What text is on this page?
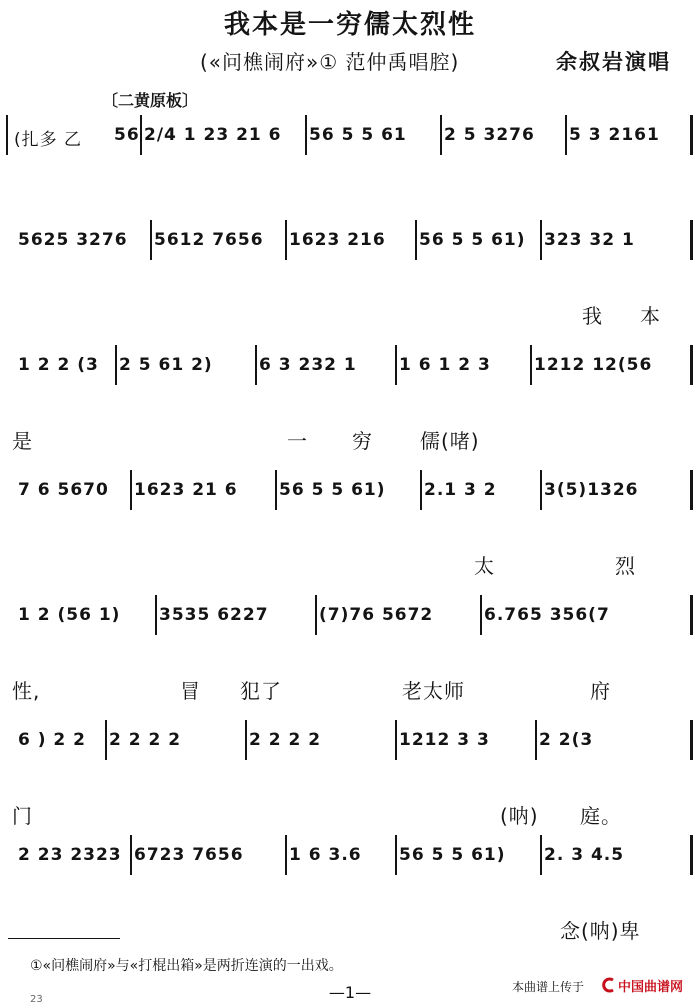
我本是一穷儒太烈性
(«问樵闹府»① 范仲禹唱腔)	余叔岩演唱
〔二黄原板〕
(扎多 乙 56 2/4 1 23 21 6	56 5 5 61	2 5 3276	5 3 2161
5625 3276	5612 7656	1623 216	56 5 5 61)	323 32 1
我 本
1 2 2 (3	2 5 61 2)	6 3 232 1	1 6 1 2 3	1212 12(56
是	一 穷 儒(啫)
7 6 5670	1623 21 6	56 5 5 61)	2.1 3 2	3(5)1326
太	烈
1 2 (56 1)	3535 6227	(7)76 5672	6.765 356(7
性,	冒 犯了	老太师	府
6 ) 2 2	2 2 2 2	2 2 2 2	1212 3 3	2 2(3
门	(呐) 庭。
2 23 2323 6723 7656	1 6 3.6	56 5 5 61)	2. 3 4.5
念(呐)卑
①«问樵闹府»与«打棍出箱»是两折连演的一出戏。
—1—	本曲谱上传于	中国曲谱网
23
